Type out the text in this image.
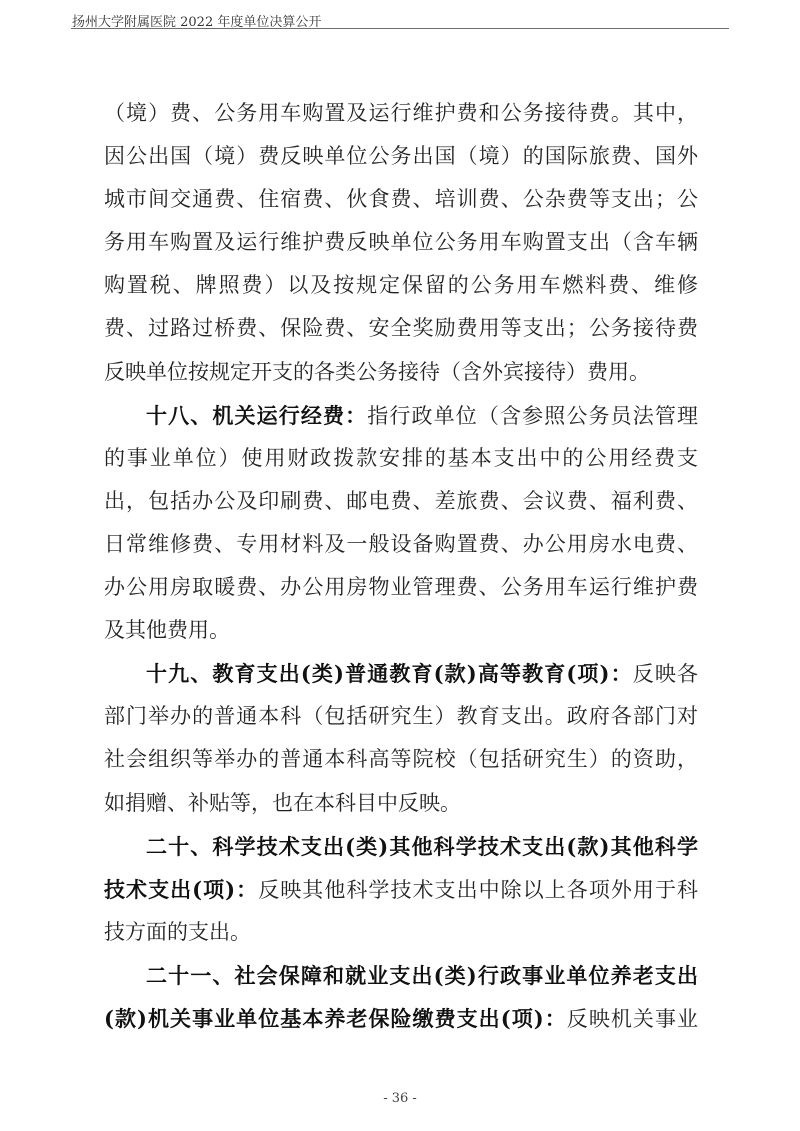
扬州大学附属医院 2022 年度单位决算公开
（境）费、公务用车购置及运行维护费和公务接待费。其中，
因公出国（境）费反映单位公务出国（境）的国际旅费、国外
城市间交通费、住宿费、伙食费、培训费、公杂费等支出；公
务用车购置及运行维护费反映单位公务用车购置支出（含车辆
购置税、牌照费）以及按规定保留的公务用车燃料费、维修
费、过路过桥费、保险费、安全奖励费用等支出；公务接待费
反映单位按规定开支的各类公务接待（含外宾接待）费用。
十八、机关运行经费：指行政单位（含参照公务员法管理
的事业单位）使用财政拨款安排的基本支出中的公用经费支
出，包括办公及印刷费、邮电费、差旅费、会议费、福利费、
日常维修费、专用材料及一般设备购置费、办公用房水电费、
办公用房取暖费、办公用房物业管理费、公务用车运行维护费
及其他费用。
十九、教育支出(类)普通教育(款)高等教育(项)：反映各
部门举办的普通本科（包括研究生）教育支出。政府各部门对
社会组织等举办的普通本科高等院校（包括研究生）的资助，
如捐赠、补贴等，也在本科目中反映。
二十、科学技术支出(类)其他科学技术支出(款)其他科学
技术支出(项)：反映其他科学技术支出中除以上各项外用于科
技方面的支出。
二十一、社会保障和就业支出(类)行政事业单位养老支出
(款)机关事业单位基本养老保险缴费支出(项)：反映机关事业
- 36 -
